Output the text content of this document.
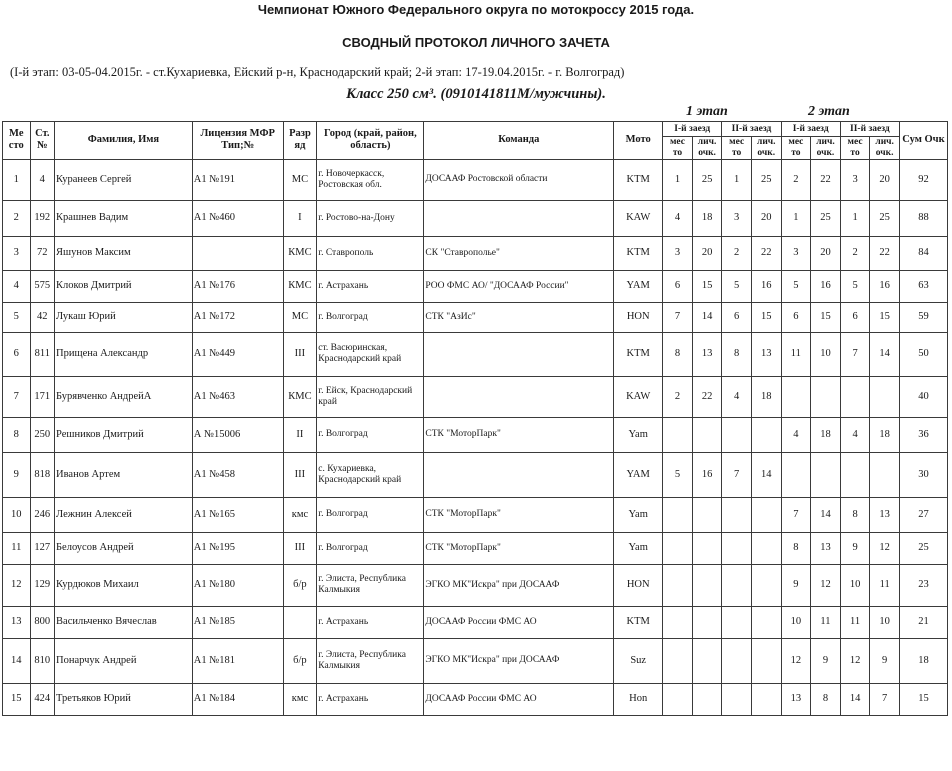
Чемпионат Южного Федерального округа по мотокроссу 2015 года.
СВОДНЫЙ ПРОТОКОЛ ЛИЧНОГО ЗАЧЕТА
(I-й этап: 03-05-04.2015г. - ст.Кухариевка, Ейский р-н, Краснодарский край; 2-й этап: 17-19.04.2015г. - г. Волгоград)
Класс 250 см³. (0910141811М/мужчины).
1 этап	2 этап
Ме сто	Ст. №	Фамилия, Имя	Лицензия МФР Тип;№	Разр яд	Город (край, район, область)	Команда	Мото	I-й заезд		II-й заезд		I-й заезд		II-й заезд		Сум Очк
								мес то	лич. очк.	мес то	лич. очк.	мес то	лич. очк.	мес то	лич. очк.	

1	4	Куранеев Сергей	А1 №191	МС	г. Новочеркасск, Ростовская обл.	ДОСААФ Ростовской области	KTM	1	25	1	25	2	22	3	20	92
2	192	Крашнев Вадим	А1 №460	I	г. Ростово-на-Дону		KAW	4	18	3	20	1	25	1	25	88
3	72	Яшунов Максим		КМС	г. Ставрополь	СК "Ставрополье"	KTM	3	20	2	22	3	20	2	22	84
4	575	Клоков Дмитрий	А1 №176	КМС	г. Астрахань	РОО ФМС АО/ "ДОСААФ России"	YAM	6	15	5	16	5	16	5	16	63
5	42	Лукаш Юрий	А1 №172	МС	г. Волгоград	СТК "АзИс"	HON	7	14	6	15	6	15	6	15	59
6	811	Прищена Александр	А1 №449	III	ст. Васюринская, Краснодарский край		KTM	8	13	8	13	11	10	7	14	50
7	171	Бурявченко АндрейА	А1 №463	КМС	г. Ейск, Краснодарский край		KAW	2	22	4	18					40
8	250	Решников Дмитрий	А №15006	II	г. Волгоград	СТК "МоторПарк"	Yam					4	18	4	18	36
9	818	Иванов Артем	А1 №458	III	с. Кухариевка, Краснодарский край		YAM	5	16	7	14					30
10	246	Лежнин Алексей	А1 №165	кмс	г. Волгоград	СТК "МоторПарк"	Yam					7	14	8	13	27
11	127	Белоусов Андрей	А1 №195	III	г. Волгоград	СТК "МоторПарк"	Yam					8	13	9	12	25
12	129	Курдюков Михаил	А1 №180	б/р	г. Элиста, Республика Калмыкия	ЭГКО МК"Искра" при ДОСААФ	HON					9	12	10	11	23
13	800	Васильченко Вячеслав	А1 №185		г. Астрахань	ДОСААФ России ФМС АО	KTM					10	11	11	10	21
14	810	Понарчук Андрей	А1 №181	б/р	г. Элиста, Республика Калмыкия	ЭГКО МК"Искра" при ДОСААФ	Suz					12	9	12	9	18
15	424	Третьяков Юрий	А1 №184	кмс	г. Астрахань	ДОСААФ России ФМС АО	Hon					13	8	14	7	15
